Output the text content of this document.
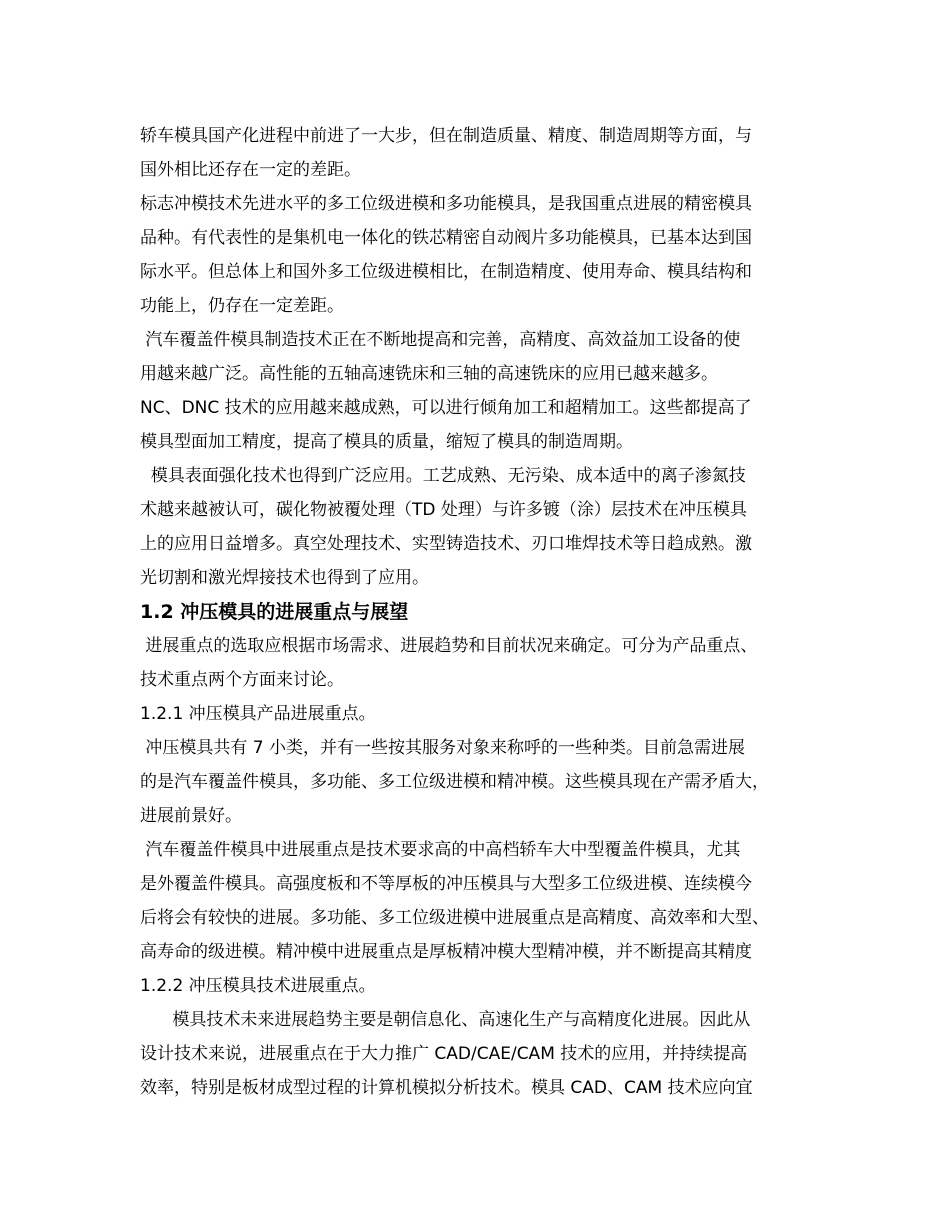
轿车模具国产化进程中前进了一大步，但在制造质量、精度、制造周期等方面，与
国外相比还存在一定的差距。
标志冲模技术先进水平的多工位级进模和多功能模具，是我国重点进展的精密模具
品种。有代表性的是集机电一体化的铁芯精密自动阀片多功能模具，已基本达到国
际水平。但总体上和国外多工位级进模相比，在制造精度、使用寿命、模具结构和
功能上，仍存在一定差距。
汽车覆盖件模具制造技术正在不断地提高和完善，高精度、高效益加工设备的使
用越来越广泛。高性能的五轴高速铣床和三轴的高速铣床的应用已越来越多。
NC、DNC 技术的应用越来越成熟，可以进行倾角加工和超精加工。这些都提高了
模具型面加工精度，提高了模具的质量，缩短了模具的制造周期。
模具表面强化技术也得到广泛应用。工艺成熟、无污染、成本适中的离子渗氮技
术越来越被认可，碳化物被覆处理（TD 处理）与许多镀（涂）层技术在冲压模具
上的应用日益增多。真空处理技术、实型铸造技术、刃口堆焊技术等日趋成熟。激
光切割和激光焊接技术也得到了应用。
1.2 冲压模具的进展重点与展望
进展重点的选取应根据市场需求、进展趋势和目前状况来确定。可分为产品重点、
技术重点两个方面来讨论。
1.2.1 冲压模具产品进展重点。
冲压模具共有 7 小类，并有一些按其服务对象来称呼的一些种类。目前急需进展
的是汽车覆盖件模具，多功能、多工位级进模和精冲模。这些模具现在产需矛盾大，
进展前景好。
汽车覆盖件模具中进展重点是技术要求高的中高档轿车大中型覆盖件模具，尤其
是外覆盖件模具。高强度板和不等厚板的冲压模具与大型多工位级进模、连续模今
后将会有较快的进展。多功能、多工位级进模中进展重点是高精度、高效率和大型、
高寿命的级进模。精冲模中进展重点是厚板精冲模大型精冲模，并不断提高其精度
1.2.2 冲压模具技术进展重点。
模具技术未来进展趋势主要是朝信息化、高速化生产与高精度化进展。因此从
设计技术来说，进展重点在于大力推广 CAD/CAE/CAM 技术的应用，并持续提高
效率，特别是板材成型过程的计算机模拟分析技术。模具 CAD、CAM 技术应向宜
